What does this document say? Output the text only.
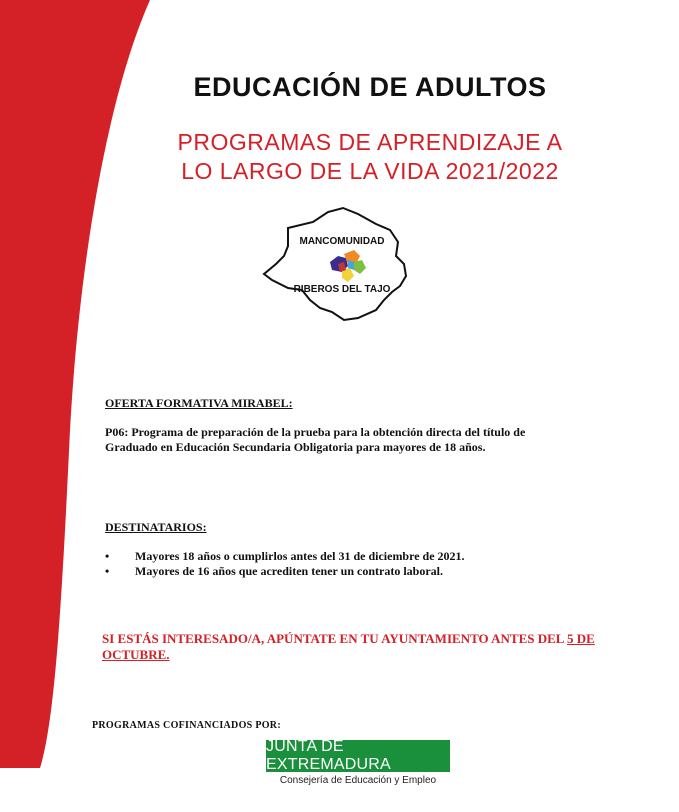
EDUCACIÓN DE ADULTOS
PROGRAMAS DE APRENDIZAJE A
LO LARGO DE LA VIDA 2021/2022
MANCOMUNIDAD
RIBEROS DEL TAJO
OFERTA FORMATIVA MIRABEL:
P06: Programa de preparación de la prueba para la obtención directa del título de
Graduado en Educación Secundaria Obligatoria para mayores de 18 años.
DESTINATARIOS:
• Mayores 18 años o cumplirlos antes del 31 de diciembre de 2021.
• Mayores de 16 años que acrediten tener un contrato laboral.
SI ESTÁS INTERESADO/A, APÚNTATE EN TU AYUNTAMIENTO ANTES DEL 5 DE
OCTUBRE.
PROGRAMAS COFINANCIADOS POR:
JUNTA DE EXTREMADURA
Consejería de Educación y Empleo
